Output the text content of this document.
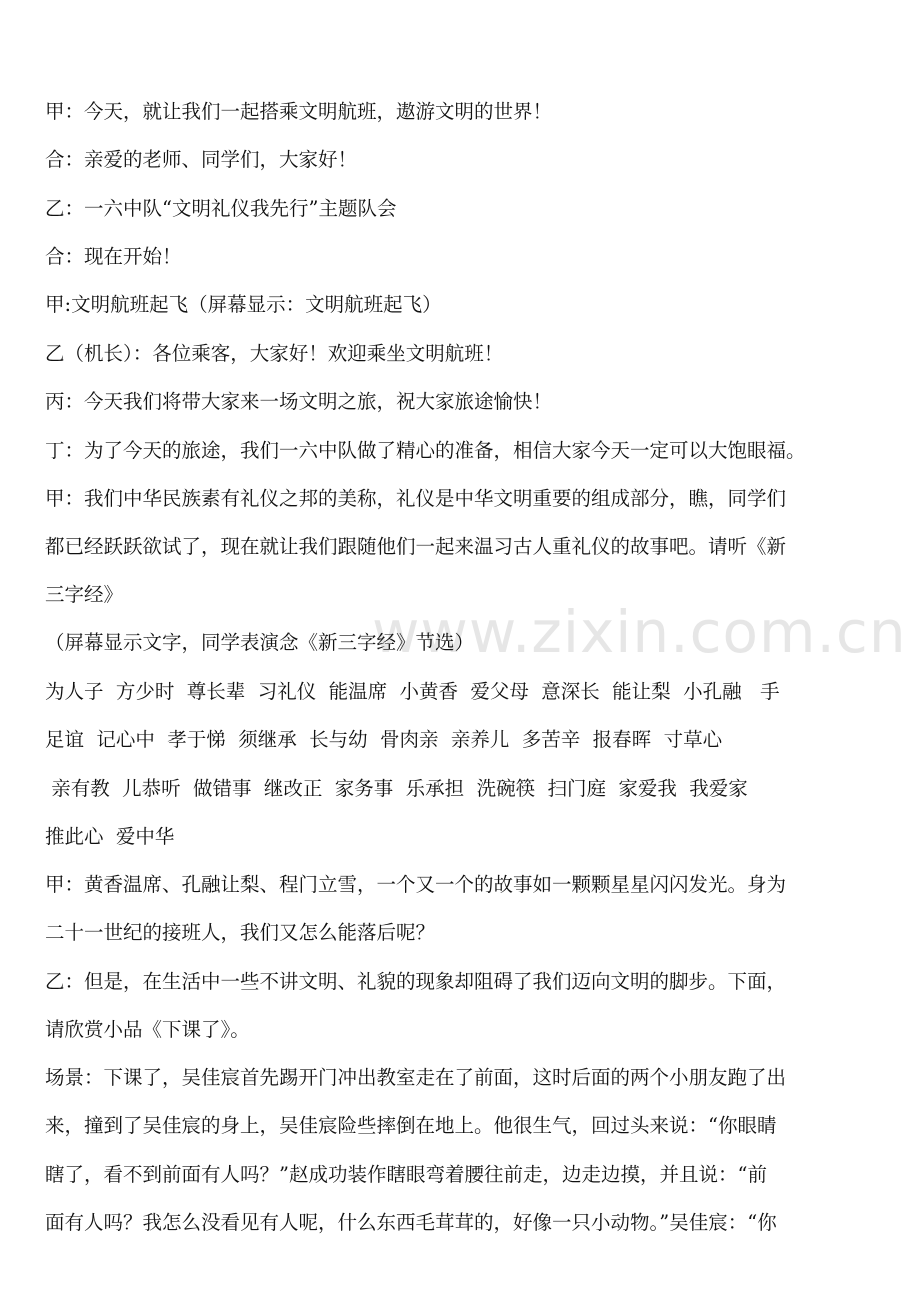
www.zixin.com.cn
甲：今天，就让我们一起搭乘文明航班，遨游文明的世界！
合：亲爱的老师、同学们，大家好！
乙：一六中队“文明礼仪我先行”主题队会
合：现在开始！
甲:文明航班起飞（屏幕显示：文明航班起飞）
乙（机长）：各位乘客，大家好！欢迎乘坐文明航班！
丙：今天我们将带大家来一场文明之旅，祝大家旅途愉快！
丁：为了今天的旅途，我们一六中队做了精心的准备，相信大家今天一定可以大饱眼福。
甲：我们中华民族素有礼仪之邦的美称，礼仪是中华文明重要的组成部分，瞧，同学们
都已经跃跃欲试了，现在就让我们跟随他们一起来温习古人重礼仪的故事吧。请听《新
三字经》
（屏幕显示文字，同学表演念《新三字经》节选）
为人子  方少时  尊长辈  习礼仪  能温席  小黄香  爱父母  意深长  能让梨  小孔融   手
足谊  记心中  孝于悌  须继承  长与幼  骨肉亲  亲养儿  多苦辛  报春晖  寸草心
亲有教  儿恭听  做错事  继改正  家务事  乐承担  洗碗筷  扫门庭  家爱我  我爱家
推此心  爱中华
甲：黄香温席、孔融让梨、程门立雪，一个又一个的故事如一颗颗星星闪闪发光。身为
二十一世纪的接班人，我们又怎么能落后呢？
乙：但是，在生活中一些不讲文明、礼貌的现象却阻碍了我们迈向文明的脚步。下面，
请欣赏小品《下课了》。
场景：下课了，吴佳宸首先踢开门冲出教室走在了前面，这时后面的两个小朋友跑了出
来，撞到了吴佳宸的身上，吴佳宸险些摔倒在地上。他很生气，回过头来说：“你眼睛
瞎了，看不到前面有人吗？”赵成功装作瞎眼弯着腰往前走，边走边摸，并且说：“前
面有人吗？我怎么没看见有人呢，什么东西毛茸茸的，好像一只小动物。”吴佳宸：“你
